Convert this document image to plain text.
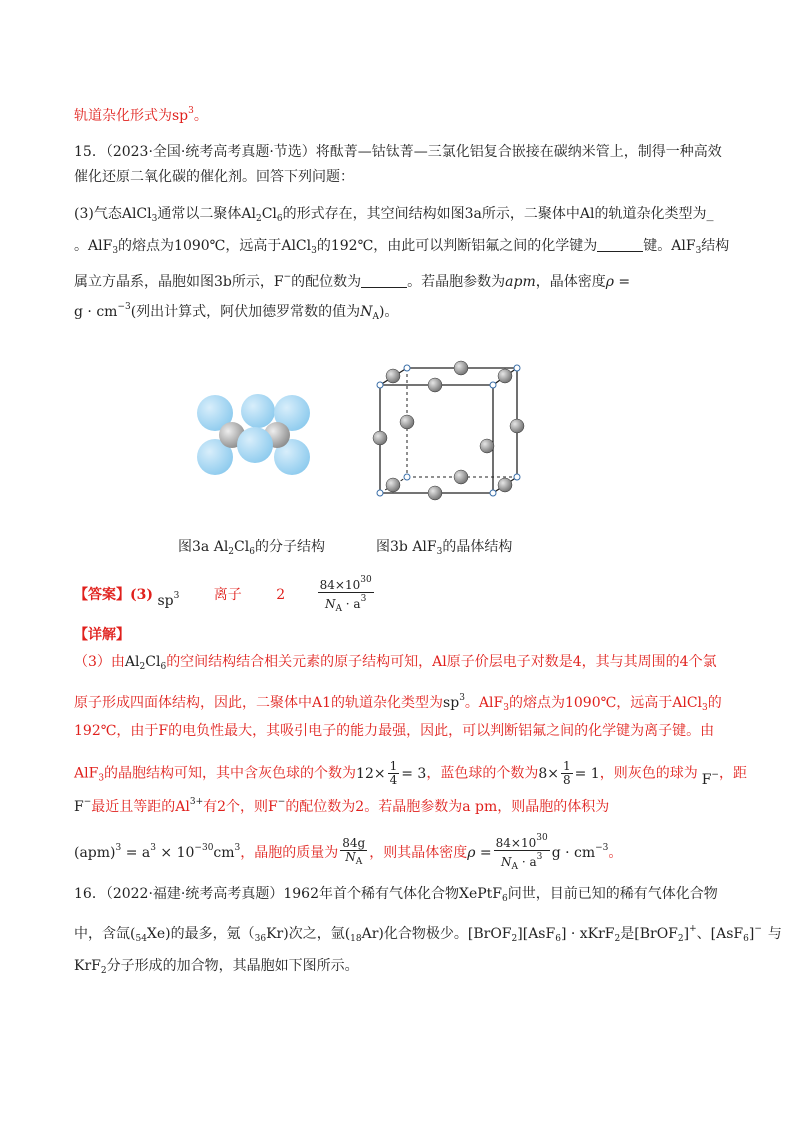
轨道杂化形式为$sp^3$。
15．（2023·全国·统考高考真题·节选）将酞菁—钴钛菁—三氯化铝复合嵌接在碳纳米管上，制得一种高效
催化还原二氧化碳的催化剂。回答下列问题：
(3)气态AlCl$_3$通常以二聚体$Al_2Cl_6$的形式存在，其空间结构如图3a所示，二聚体中Al的轨道杂化类型为_
。AlF$_3$的熔点为1090℃，远高于AlCl$_3$的192℃，由此可以判断铝氟之间的化学键为	键。AlF$_3$结构
属立方晶系，晶胞如图3b所示，F−的配位数为	。若晶胞参数为apm，晶体密度ρ =
$g \cdot cm^{-3}$(列出计算式，阿伏加德罗常数的值为$N_A$)。
图3a $Al_2Cl_6$的分子结构	图3b AlF$_3$的晶体结构
【答案】(3) $sp^3$ 离子 2	$\frac{84\times 10^{30}}{N_A \cdot a^3}$
【详解】
（3）由$Al_2Cl_6$的空间结构结合相关元素的原子结构可知，Al原子价层电子对数是4，其与其周围的4个氯
原子形成四面体结构，因此，二聚体中A1的轨道杂化类型为$sp^3$。AlF$_3$的熔点为1090℃，远高于AlCl$_3$的
192℃，由于F的电负性最大，其吸引电子的能力最强，因此，可以判断铝氟之间的化学键为离子键。由
AlF$_3$的晶胞结构可知，其中含灰色球的个数为$12\times \frac{1}{4} = 3$，蓝色球的个数为$8\times \frac{1}{8} = 1$，则灰色的球为 F−，距
F−最近且等距的$Al^{3+}$有2个，则F−的配位数为2。若晶胞参数为a pm，则晶胞的体积为
$(apm)^3 = a^3 \times 10^{-30}cm^3$，晶胞的质量为 $\frac{84g}{N_A}$ ，则其晶体密度$\rho = \frac{84\times 10^{30}}{N_A \cdot a^3}$ $g \cdot cm^{-3}$。
16．（2022·福建·统考高考真题）1962年首个稀有气体化合物XePtF$_6$问世，目前已知的稀有气体化合物
中，含氙$(_{54}Xe)$的最多，氪$(_{36}Kr)$次之，氩$(_{18}Ar)$化合物极少。[BrOF$_2$][AsF$_6$] · xKrF$_2$是[BrOF$_2$]+、[AsF$_6$]− 与
KrF$_2$分子形成的加合物，其晶胞如下图所示。
